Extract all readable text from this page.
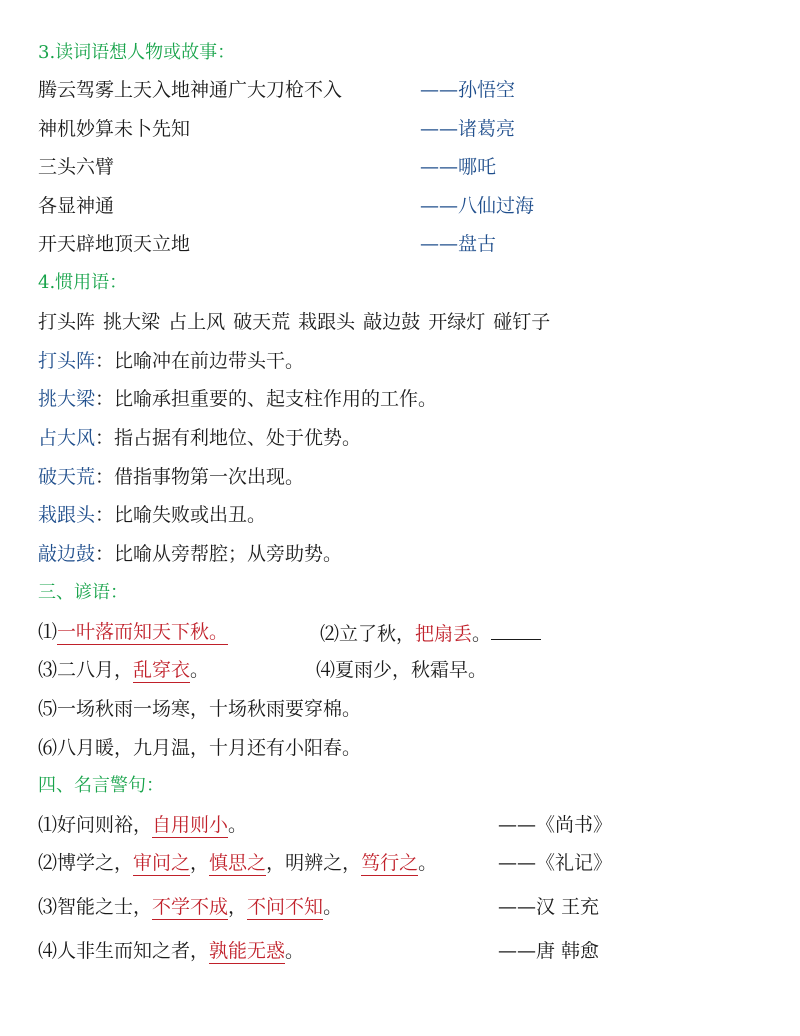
3.读词语想人物或故事：
腾云驾雾上天入地神通广大刀枪不入	——孙悟空
神机妙算未卜先知	——诸葛亮
三头六臂	——哪吒
各显神通	——八仙过海
开天辟地顶天立地	——盘古
4.惯用语：
打头阵 挑大梁 占上风 破天荒 栽跟头 敲边鼓 开绿灯 碰钉子
打头阵：比喻冲在前边带头干。
挑大梁：比喻承担重要的、起支柱作用的工作。
占大风：指占据有利地位、处于优势。
破天荒：借指事物第一次出现。
栽跟头：比喻失败或出丑。
敲边鼓：比喻从旁帮腔；从旁助势。
三、谚语：
⑴一叶落而知天下秋。	⑵立了秋，把扇丢。
⑶二八月，乱穿衣。	⑷夏雨少，秋霜早。
⑸一场秋雨一场寒，十场秋雨要穿棉。
⑹八月暖，九月温，十月还有小阳春。
四、名言警句：
⑴好问则裕，自用则小。	——《尚书》
⑵博学之，审问之，慎思之，明辨之，笃行之。	——《礼记》
⑶智能之士，不学不成，不问不知。	——汉 王充
⑷人非生而知之者，孰能无惑。	——唐 韩愈
